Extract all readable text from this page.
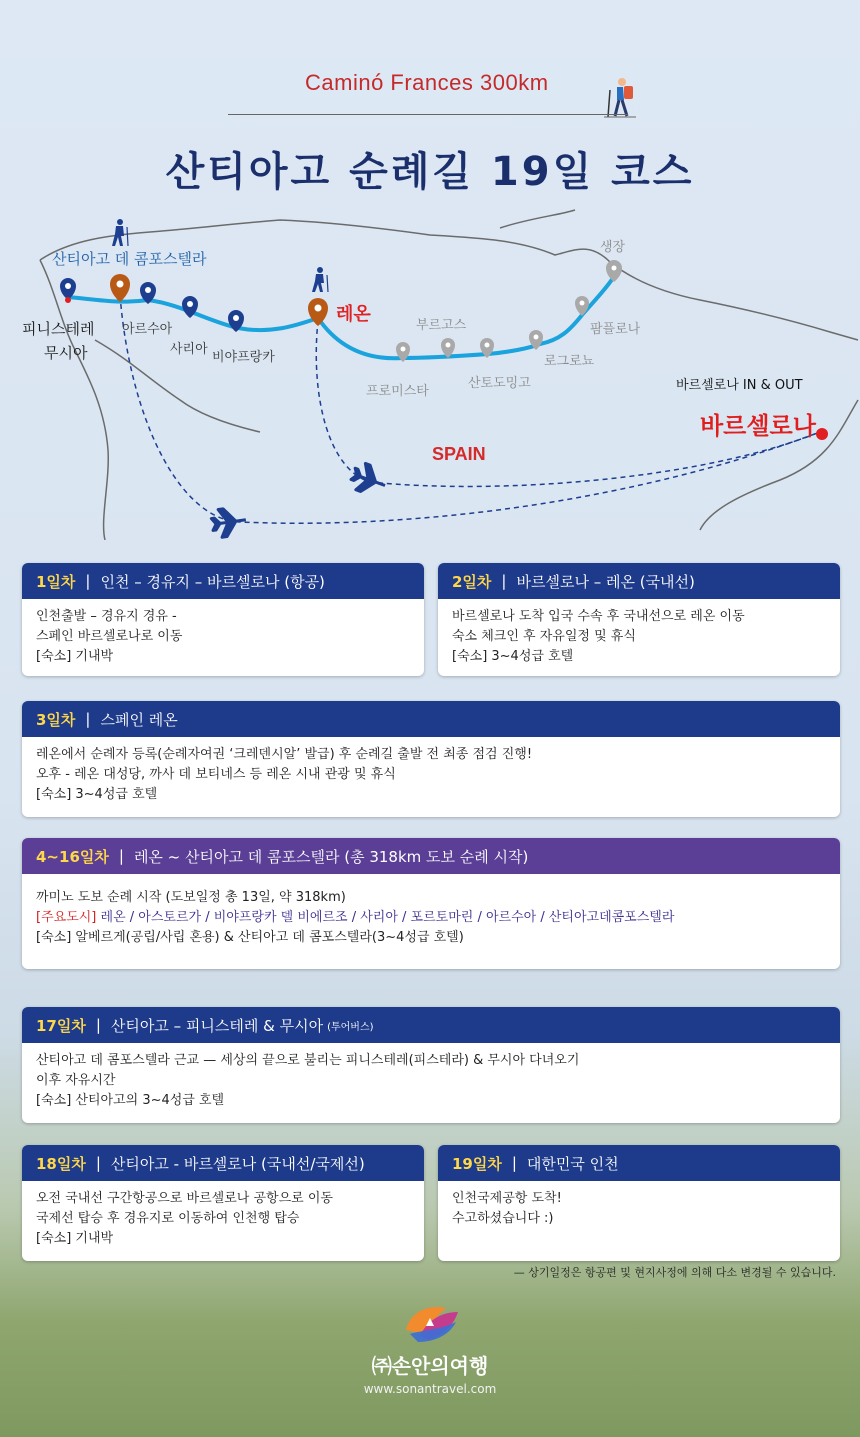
Caminó Frances 300km
산티아고 순례길 19일 코스
산티아고 데 콤포스텔라
피니스테레
무시아
아르수아
사리아
비야프랑카
레온
부르고스
프로미스타
산토도밍고
로그로뇨
팜플로나
생장
SPAIN
바르셀로나 IN & OUT
바르셀로나
1일차 | 인천 – 경유지 – 바르셀로나 (항공)
인천출발 – 경유지 경유 -
스페인 바르셀로나로 이동
[숙소] 기내박
2일차 | 바르셀로나 – 레온 (국내선)
바르셀로나 도착 입국 수속 후 국내선으로 레온 이동
숙소 체크인 후 자유일정 및 휴식
[숙소] 3~4성급 호텔
3일차 | 스페인 레온
레온에서 순례자 등록(순례자여권 ‘크레덴시알’ 발급) 후 순례길 출발 전 최종 점검 진행!
오후 - 레온 대성당, 까사 데 보티네스 등 레온 시내 관광 및 휴식
[숙소] 3~4성급 호텔
4~16일차 | 레온 ~ 산티아고 데 콤포스텔라 (총 318km 도보 순례 시작)
까미노 도보 순례 시작 (도보일정 총 13일, 약 318km)
[주요도시] 레온 / 아스토르가 / 비야프랑카 델 비에르조 / 사리아 / 포르토마린 / 아르수아 / 산티아고데콤포스텔라
[숙소] 알베르게(공립/사립 혼용) & 산티아고 데 콤포스텔라(3~4성급 호텔)
17일차 | 산티아고 – 피니스테레 & 무시아 (투어버스)
산티아고 데 콤포스텔라 근교 — 세상의 끝으로 불리는 피니스테레(피스테라) & 무시아 다녀오기
이후 자유시간
[숙소] 산티아고의 3~4성급 호텔
18일차 | 산티아고 - 바르셀로나 (국내선/국제선)
오전 국내선 구간항공으로 바르셀로나 공항으로 이동
국제선 탑승 후 경유지로 이동하여 인천행 탑승
[숙소] 기내박
19일차 | 대한민국 인천
인천국제공항 도착!
수고하셨습니다 :)
— 상기일정은 항공편 및 현지사정에 의해 다소 변경될 수 있습니다.
㈜손안의여행
www.sonantravel.com
